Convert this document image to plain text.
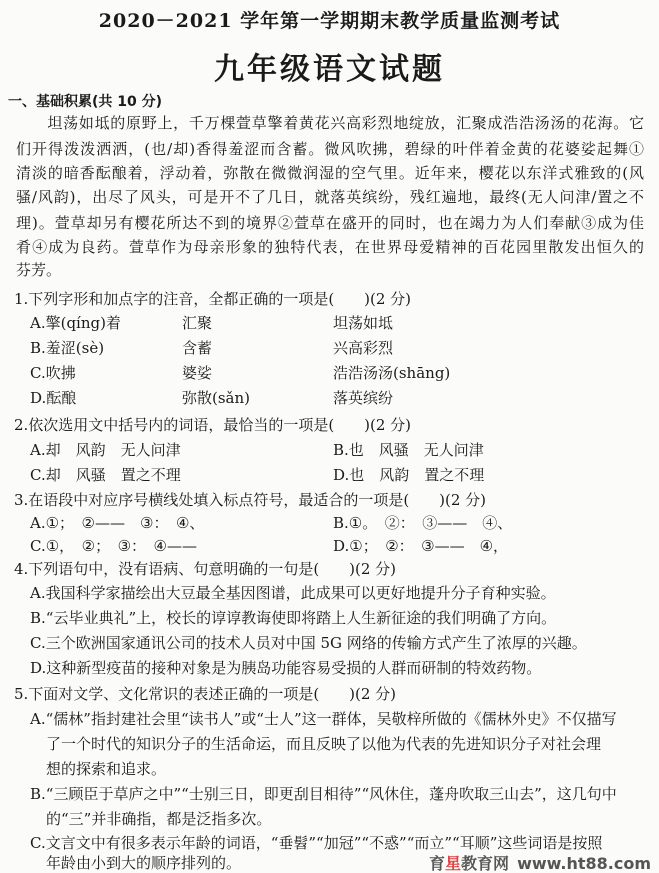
2020－2021 学年第一学期期末教学质量监测考试
九年级语文试题
一、基础积累(共 10 分)
　　坦荡如坻的原野上，千万棵萱草擎着黄花兴高彩烈地绽放，汇聚成浩浩汤汤的花海。它
们开得泼泼洒洒，(也/却)香得羞涩而含蓄。微风吹拂，碧绿的叶伴着金黄的花婆娑起舞①
清淡的暗香酝酿着，浮动着，弥散在微微润湿的空气里。近年来，樱花以东洋式雅致的(风
骚/风韵)，出尽了风头，可是开不了几日，就落英缤纷，残红遍地，最终(无人问津/置之不
理)。萱草却另有樱花所达不到的境界②萱草在盛开的同时，也在竭力为人们奉献③成为佳
肴④成为良药。萱草作为母亲形象的独特代表，在世界母爱精神的百花园里散发出恒久的
芬芳。
1.下列字形和加点字的注音，全都正确的一项是(　　)(2 分)
A.擎(qíng)着	汇聚	坦荡如坻
B.羞涩(sè)	含蓄	兴高彩烈
C.吹拂	婆娑	浩浩汤汤(shāng)
D.酝酿	弥散(sǎn)	落英缤纷
2.依次选用文中括号内的词语，最恰当的一项是(　　)(2 分)
A.却　风韵　无人问津	B.也　风骚　无人问津
C.却　风骚　置之不理	D.也　风韵　置之不理
3.在语段中对应序号横线处填入标点符号，最适合的一项是(　　)(2 分)
A.①；　②——　③：　④、	B.①。　②：　③——　④、
C.①，　②；　③：　④——	D.①；　②：　③——　④，
4.下列语句中，没有语病、句意明确的一句是(　　)(2 分)
A.我国科学家描绘出大豆最全基因图谱，此成果可以更好地提升分子育种实验。
B.“云毕业典礼”上，校长的谆谆教诲使即将踏上人生新征途的我们明确了方向。
C.三个欧洲国家通讯公司的技术人员对中国 5G 网络的传输方式产生了浓厚的兴趣。
D.这种新型疫苗的接种对象是为胰岛功能容易受损的人群而研制的特效药物。
5.下面对文学、文化常识的表述正确的一项是(　　)(2 分)
A.“儒林”指封建社会里“读书人”或“士人”这一群体，吴敬梓所做的《儒林外史》不仅描写
了一个时代的知识分子的生活命运，而且反映了以他为代表的先进知识分子对社会理
想的探索和追求。
B.“三顾臣于草庐之中”“士别三日，即更刮目相待”“风休住，蓬舟吹取三山去”，这几句中
的“三”并非确指，都是泛指多次。
C.文言文中有很多表示年龄的词语，“垂髫”“加冠”“不惑”“而立”“耳顺”这些词语是按照
年龄由小到大的顺序排列的。	育星教育网 www.ht88.com
